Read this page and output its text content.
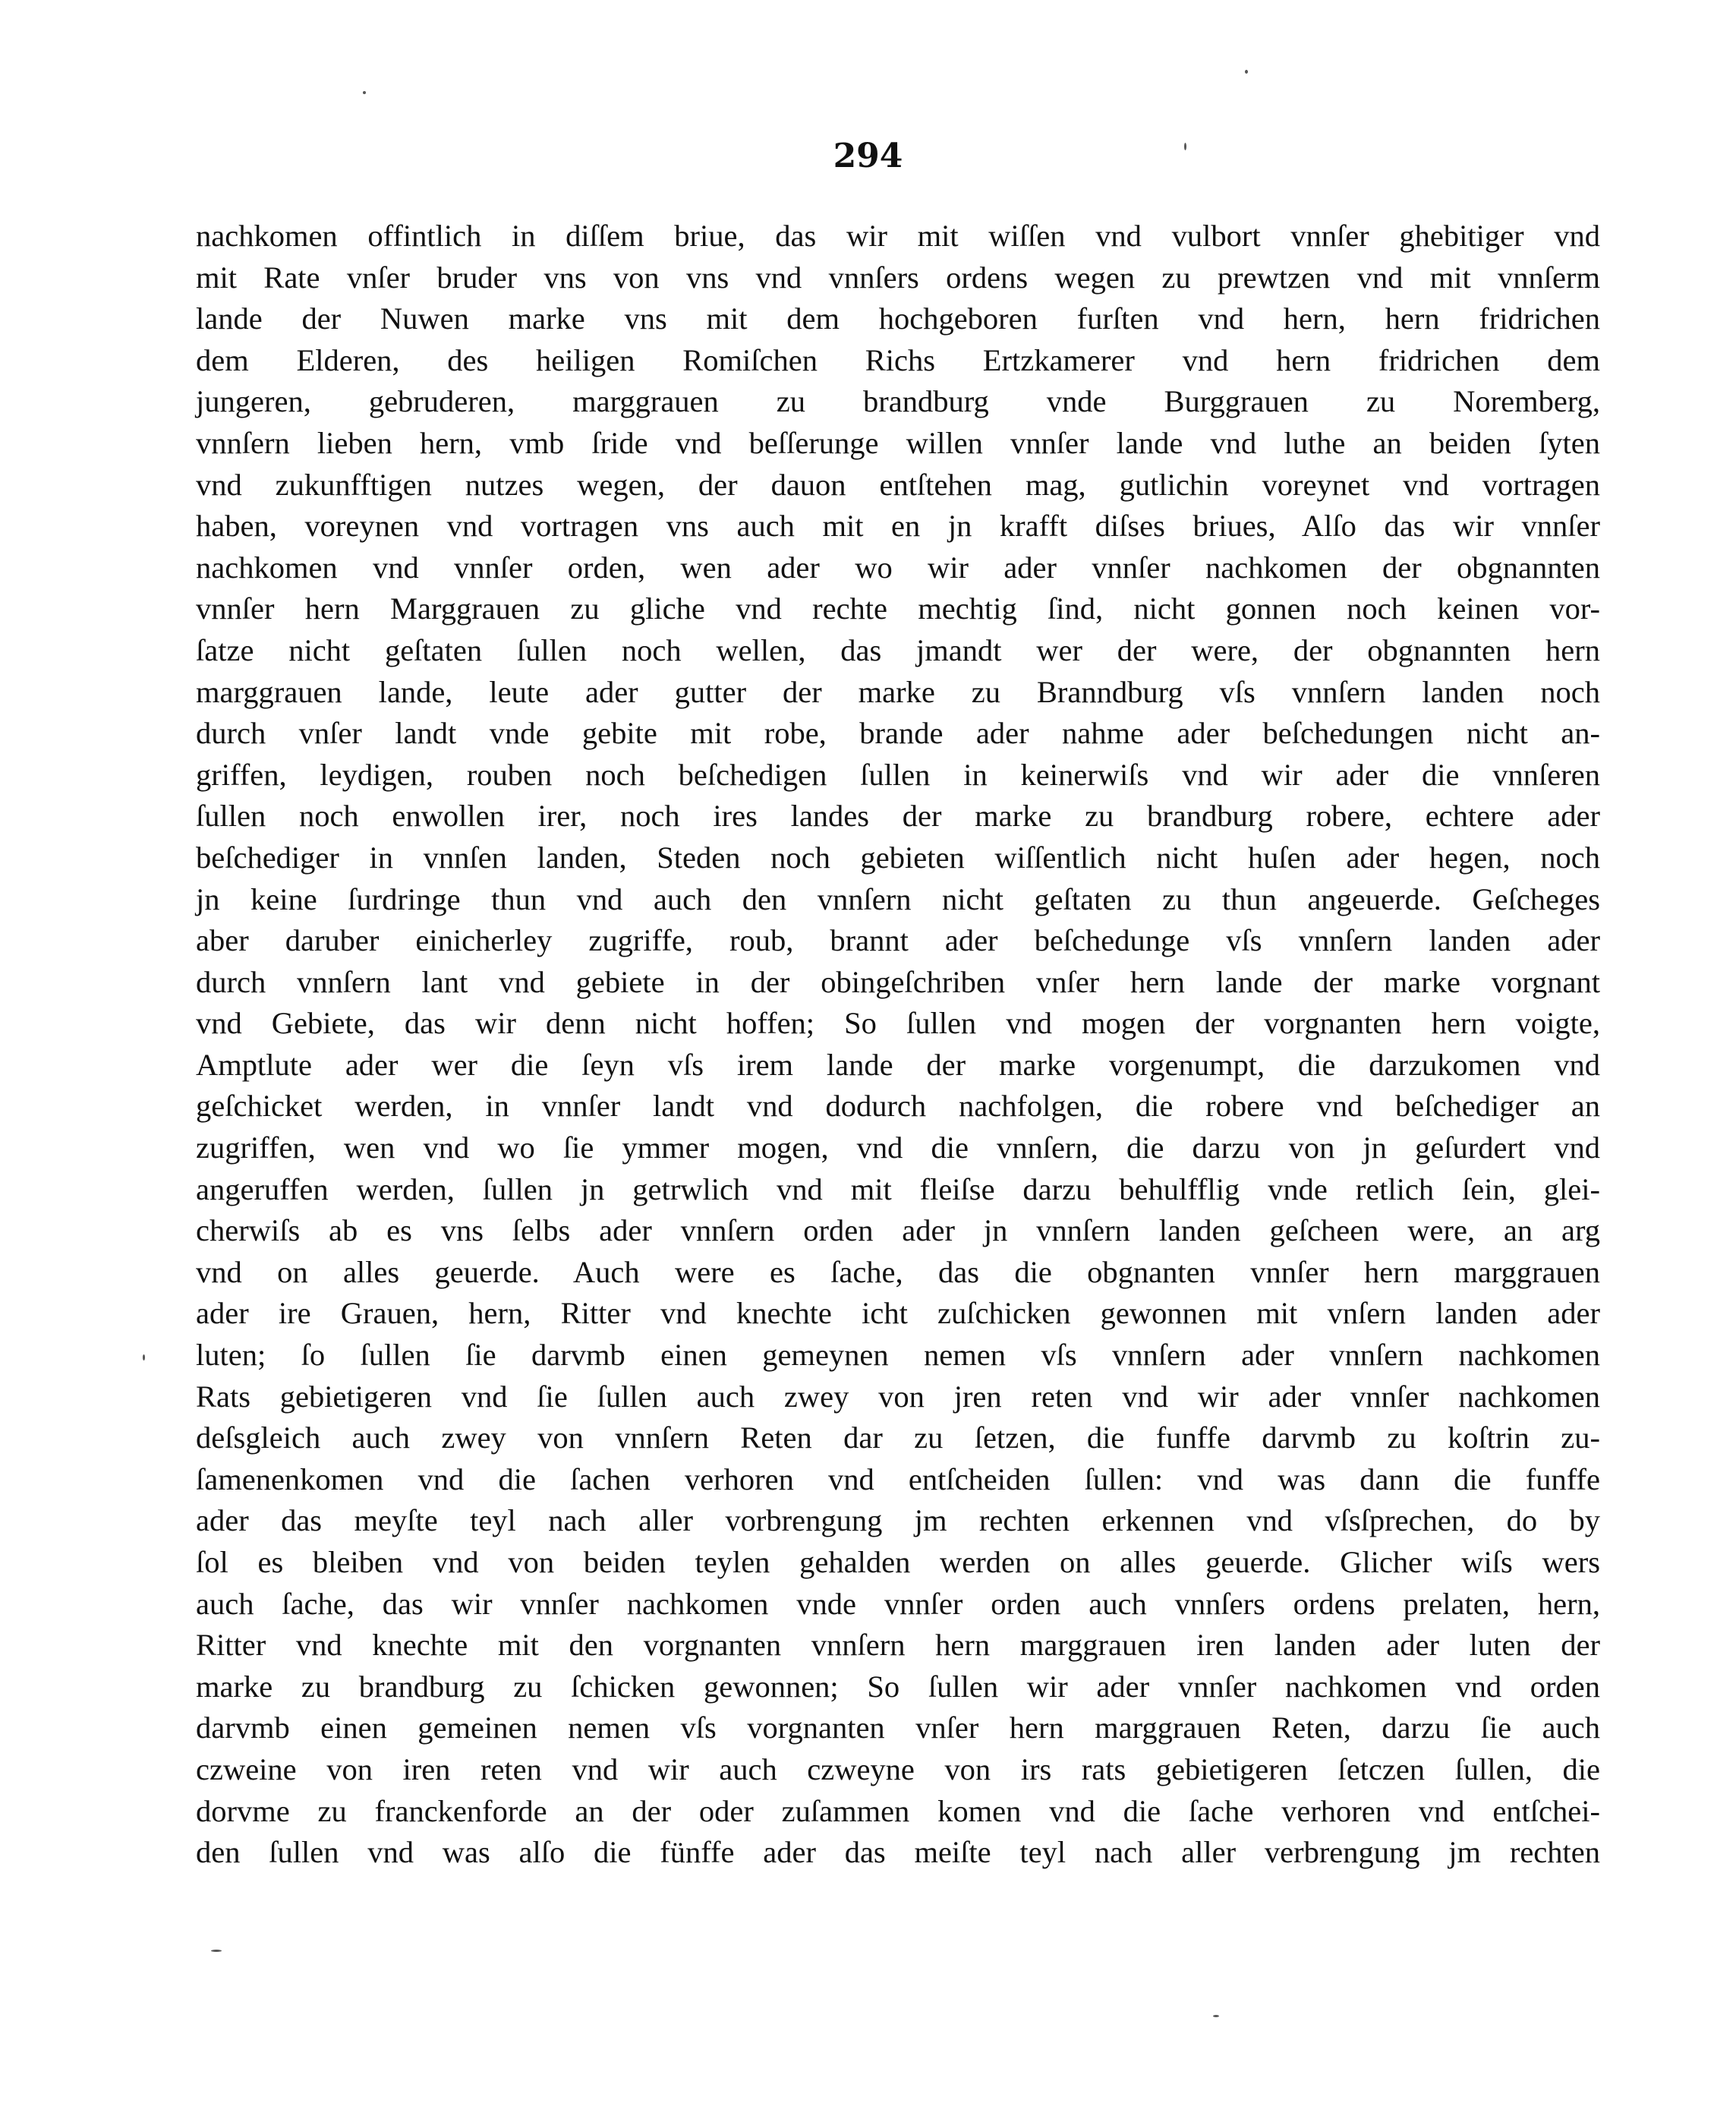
294
nachkomen offintlich in diſſem briue, das wir mit wiſſen vnd vulbort vnnſer ghebitiger vnd
mit Rate vnſer bruder vns von vns vnd vnnſers ordens wegen zu prewtzen vnd mit vnnſerm
lande der Nuwen marke vns mit dem hochgeboren furſten vnd hern, hern fridrichen
dem Elderen, des heiligen Romiſchen Richs Ertzkamerer vnd hern fridrichen dem
jungeren, gebruderen, marggrauen zu brandburg vnde Burggrauen zu Noremberg,
vnnſern lieben hern, vmb ſride vnd beſſerunge willen vnnſer lande vnd luthe an beiden ſyten
vnd zukunfftigen nutzes wegen, der dauon entſtehen mag, gutlichin voreynet vnd vortragen
haben, voreynen vnd vortragen vns auch mit en jn krafft diſses briues, Alſo das wir vnnſer
nachkomen vnd vnnſer orden, wen ader wo wir ader vnnſer nachkomen der obgnannten
vnnſer hern Marggrauen zu gliche vnd rechte mechtig ſind, nicht gonnen noch keinen vor-
ſatze nicht geſtaten ſullen noch wellen, das jmandt wer der were, der obgnannten hern
marggrauen lande, leute ader gutter der marke zu Branndburg vſs vnnſern landen noch
durch vnſer landt vnde gebite mit robe, brande ader nahme ader beſchedungen nicht an-
griffen, leydigen, rouben noch beſchedigen ſullen in keinerwiſs vnd wir ader die vnnſeren
ſullen noch enwollen irer, noch ires landes der marke zu brandburg robere, echtere ader
beſchediger in vnnſen landen, Steden noch gebieten wiſſentlich nicht huſen ader hegen, noch
jn keine ſurdringe thun vnd auch den vnnſern nicht geſtaten zu thun angeuerde. Geſcheges
aber daruber einicherley zugriffe, roub, brannt ader beſchedunge vſs vnnſern landen ader
durch vnnſern lant vnd gebiete in der obingeſchriben vnſer hern lande der marke vorgnant
vnd Gebiete, das wir denn nicht hoffen; So ſullen vnd mogen der vorgnanten hern voigte,
Amptlute ader wer die ſeyn vſs irem lande der marke vorgenumpt, die darzukomen vnd
geſchicket werden, in vnnſer landt vnd dodurch nachfolgen, die robere vnd beſchediger an
zugriffen, wen vnd wo ſie ymmer mogen, vnd die vnnſern, die darzu von jn geſurdert vnd
angeruffen werden, ſullen jn getrwlich vnd mit fleiſse darzu behulfflig vnde retlich ſein, glei-
cherwiſs ab es vns ſelbs ader vnnſern orden ader jn vnnſern landen geſcheen were, an arg
vnd on alles geuerde. Auch were es ſache, das die obgnanten vnnſer hern marggrauen
ader ire Grauen, hern, Ritter vnd knechte icht zuſchicken gewonnen mit vnſern landen ader
luten; ſo ſullen ſie darvmb einen gemeynen nemen vſs vnnſern ader vnnſern nachkomen
Rats gebietigeren vnd ſie ſullen auch zwey von jren reten vnd wir ader vnnſer nachkomen
deſsgleich auch zwey von vnnſern Reten dar zu ſetzen, die funffe darvmb zu koſtrin zu-
ſamenenkomen vnd die ſachen verhoren vnd entſcheiden ſullen: vnd was dann die funffe
ader das meyſte teyl nach aller vorbrengung jm rechten erkennen vnd vſsſprechen, do by
ſol es bleiben vnd von beiden teylen gehalden werden on alles geuerde. Glicher wiſs wers
auch ſache, das wir vnnſer nachkomen vnde vnnſer orden auch vnnſers ordens prelaten, hern,
Ritter vnd knechte mit den vorgnanten vnnſern hern marggrauen iren landen ader luten der
marke zu brandburg zu ſchicken gewonnen; So ſullen wir ader vnnſer nachkomen vnd orden
darvmb einen gemeinen nemen vſs vorgnanten vnſer hern marggrauen Reten, darzu ſie auch
czweine von iren reten vnd wir auch czweyne von irs rats gebietigeren ſetczen ſullen, die
dorvme zu franckenforde an der oder zuſammen komen vnd die ſache verhoren vnd entſchei-
den ſullen vnd was alſo die fünffe ader das meiſte teyl nach aller verbrengung jm rechten
